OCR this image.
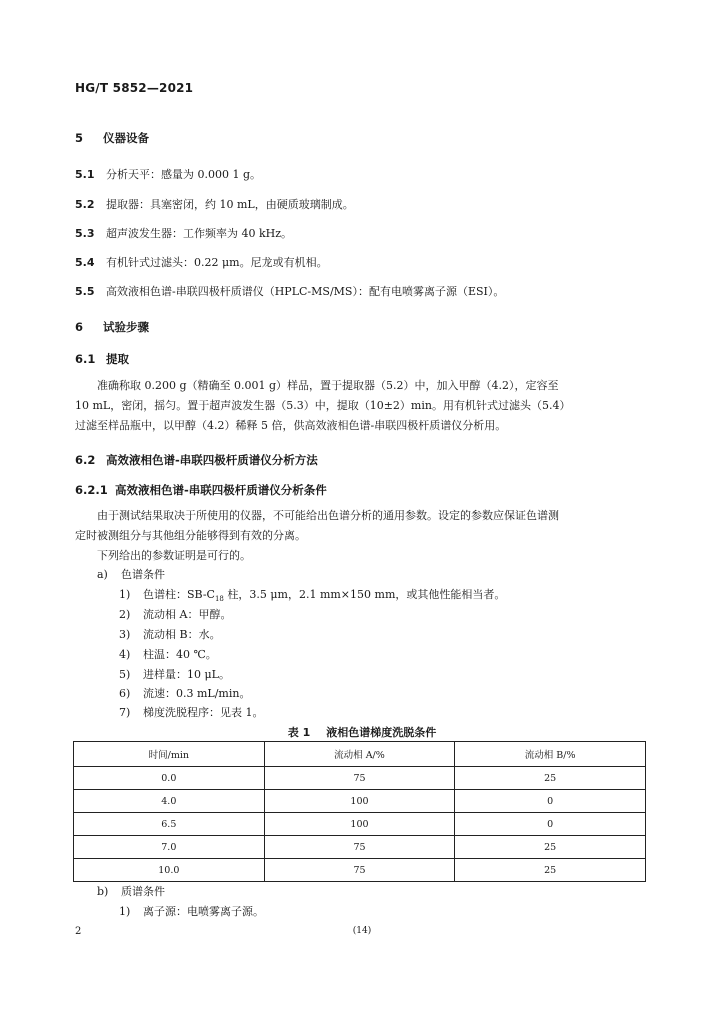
HG/T 5852—2021
5 仪器设备
5.1 分析天平：感量为 0.000 1 g。
5.2 提取器：具塞密闭，约 10 mL，由硬质玻璃制成。
5.3 超声波发生器：工作频率为 40 kHz。
5.4 有机针式过滤头：0.22 μm。尼龙或有机相。
5.5 高效液相色谱-串联四极杆质谱仪（HPLC-MS/MS）：配有电喷雾离子源（ESI）。
6 试验步骤
6.1 提取

准确称取 0.200 g（精确至 0.001 g）样品，置于提取器（5.2）中，加入甲醇（4.2），定容至

10 mL，密闭，摇匀。置于超声波发生器（5.3）中，提取（10±2）min。用有机针式过滤头（5.4）

过滤至样品瓶中，以甲醇（4.2）稀释 5 倍，供高效液相色谱-串联四极杆质谱仪分析用。

6.2 高效液相色谱-串联四极杆质谱仪分析方法
6.2.1 高效液相色谱-串联四极杆质谱仪分析条件

由于测试结果取决于所使用的仪器，不可能给出色谱分析的通用参数。设定的参数应保证色谱测

定时被测组分与其他组分能够得到有效的分离。

下列给出的参数证明是可行的。

a) 色谱条件
1) 色谱柱：$SB-C_{18}$ 柱，3.5 μm，2.1 mm×150 mm，或其他性能相当者。
2) 流动相 A：甲醇。
3) 流动相 B：水。
4) 柱温：40 ℃。
5) 进样量：10 μL。
6) 流速：0.3 mL/min。
7) 梯度洗脱程序：见表 1。
表 1 液相色谱梯度洗脱条件
时间/min	流动相 A/%	流动相 B/%
0.0	75	25
4.0	100	0
6.5	100	0
7.0	75	25
10.0	75	25
b) 质谱条件
1) 离子源：电喷雾离子源。
2	(14)
